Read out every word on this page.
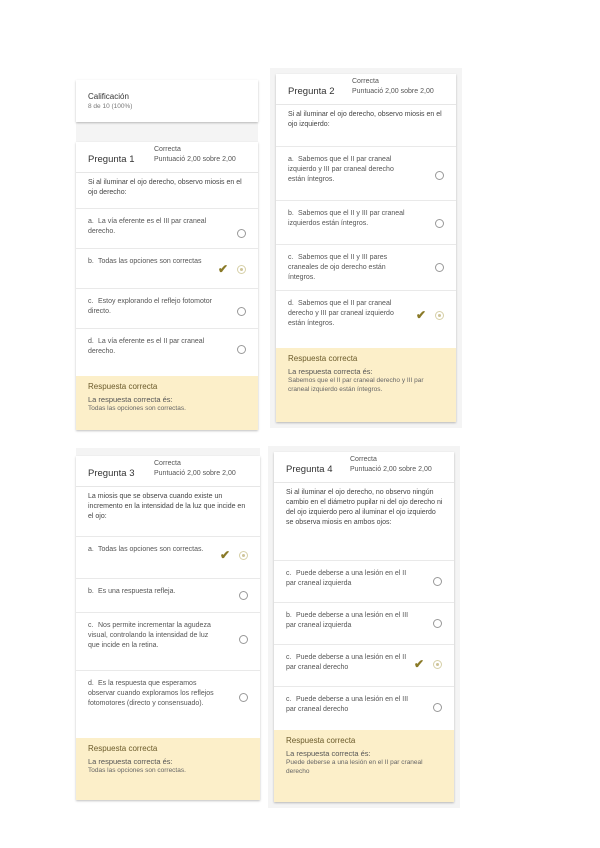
Calificación
8 de 10 (100%)
Pregunta 1
Correcta
Puntuació 2,00 sobre 2,00
Si al iluminar el ojo derecho, observo miosis en el ojo derecho:
a. La vía eferente es el III par craneal derecho.
b. Todas las opciones son correctas
✔
c. Estoy explorando el reflejo fotomotor directo.
d. La vía eferente es el II par craneal derecho.
Respuesta correcta
La respuesta correcta és:
Todas las opciones son correctas.
Pregunta 2
Correcta
Puntuació 2,00 sobre 2,00
Si al iluminar el ojo derecho, observo miosis en el ojo izquierdo:
a. Sabemos que el II par craneal izquierdo y III par craneal derecho están íntegros.
b. Sabemos que el II y III par craneal izquierdos están íntegros.
c. Sabemos que el II y III pares craneales de ojo derecho están íntegros.
d. Sabemos que el II par craneal derecho y III par craneal izquierdo están íntegros.
✔
Respuesta correcta
La respuesta correcta és:
Sabemos que el II par craneal derecho y III par craneal izquierdo están íntegros.
Pregunta 3
Correcta
Puntuació 2,00 sobre 2,00
La miosis que se observa cuando existe un incremento en la intensidad de la luz que incide en el ojo:
a. Todas las opciones son correctas.	✔
b. Es una respuesta refleja.
c. Nos permite incrementar la agudeza visual, controlando la intensidad de luz que incide en la retina.
d. Es la respuesta que esperamos observar cuando exploramos los reflejos fotomotores (directo y consensuado).
Respuesta correcta
La respuesta correcta és:
Todas las opciones son correctas.
Pregunta 4
Correcta
Puntuació 2,00 sobre 2,00
Si al iluminar el ojo derecho, no observo ningún cambio en el diámetro pupilar ni del ojo derecho ni del ojo izquierdo pero al iluminar el ojo izquierdo se observa miosis en ambos ojos:
c. Puede deberse a una lesión en el II par craneal izquierda
b. Puede deberse a una lesión en el III par craneal izquierda
c. Puede deberse a una lesión en el II par craneal derecho	✔
c. Puede deberse a una lesión en el III par craneal derecho
Respuesta correcta
La respuesta correcta és:
Puede deberse a una lesión en el II par craneal derecho
